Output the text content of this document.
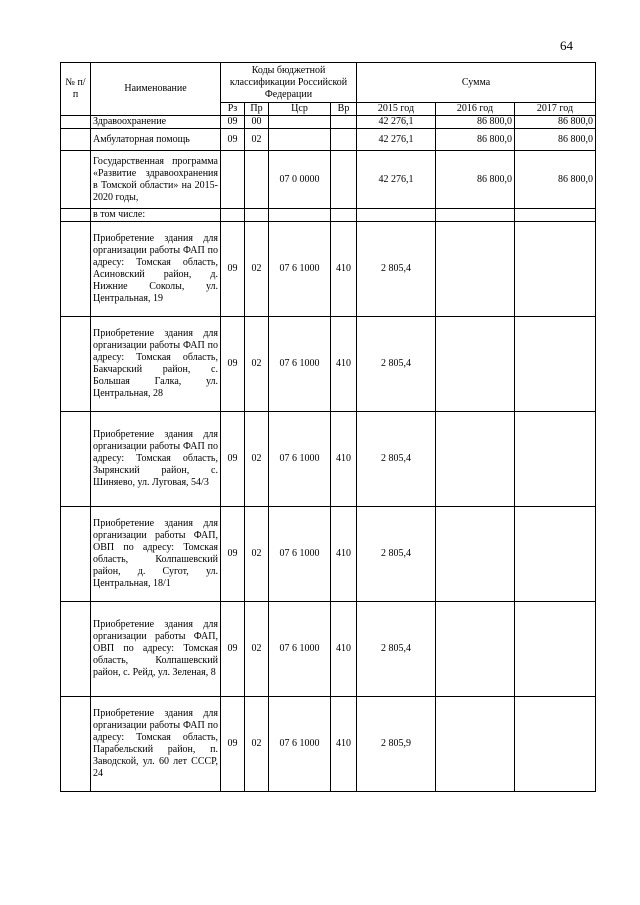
64
№ п/п	Наименование	Коды бюджетной классификации Российской Федерации				Сумма		
		Рз	Пр	Цср	Вр	2015 год	2016 год	2017 год
	Здравоохранение	09	00			42 276,1	86 800,0	86 800,0
	Амбулаторная помощь	09	02			42 276,1	86 800,0	86 800,0
	Государственная программа «Развитие здравоохранения в Томской области» на 2015-2020 годы,			07 0 0000		42 276,1	86 800,0	86 800,0
	в том числе:							
	Приобретение здания для организации работы ФАП по адресу: Томская область, Асиновский район, д. Нижние Соколы, ул. Центральная, 19	09	02	07 6 1000	410	2 805,4		
	Приобретение здания для организации работы ФАП по адресу: Томская область, Бакчарский район, с. Большая Галка, ул. Центральная, 28	09	02	07 6 1000	410	2 805,4		
	Приобретение здания для организации работы ФАП по адресу: Томская область, Зырянский район, с. Шиняево, ул. Луговая, 54/3	09	02	07 6 1000	410	2 805,4		
	Приобретение здания для организации работы ФАП, ОВП по адресу: Томская область, Колпашевский район, д. Сугот, ул. Центральная, 18/1	09	02	07 6 1000	410	2 805,4		
	Приобретение здания для организации работы ФАП, ОВП по адресу: Томская область, Колпашевский район, с. Рейд, ул. Зеленая, 8	09	02	07 6 1000	410	2 805,4		
	Приобретение здания для организации работы ФАП по адресу: Томская область, Парабельский район, п. Заводской, ул. 60 лет СССР, 24	09	02	07 6 1000	410	2 805,9		
